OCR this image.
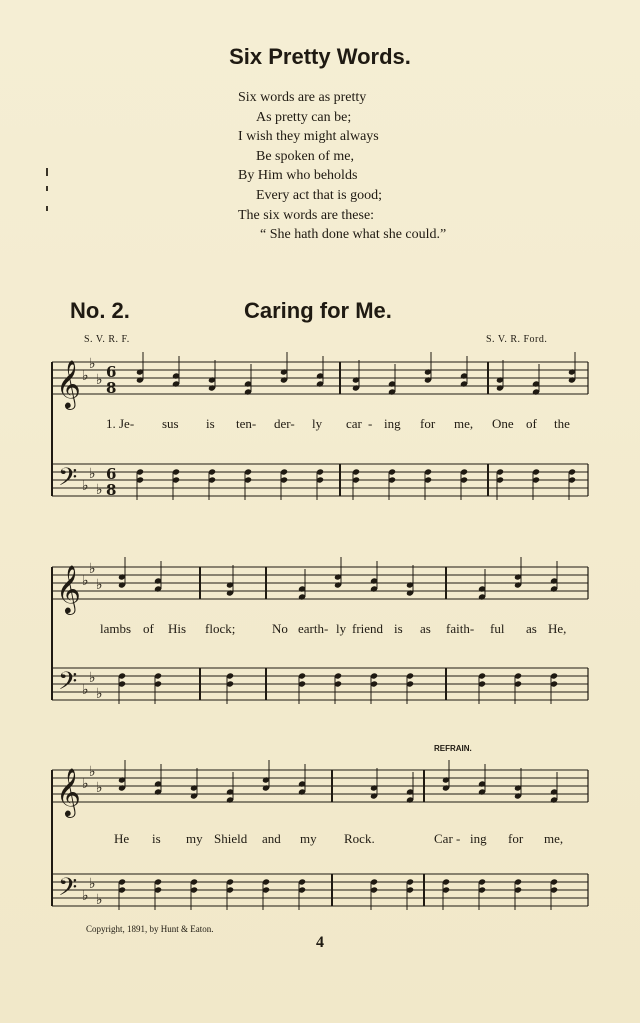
Six Pretty Words.
Six words are as pretty
As pretty can be;
I wish they might always
Be spoken of me,
By Him who beholds
Every act that is good;
The six words are these:
“ She hath done what she could.”
No. 2.	Caring for Me.
S. V. R. F.	S. V. R. Ford.
𝄞
𝄢
♭
♭
♭
♭
♭
♭
6
8
6
8
𝄞
𝄢
♭
♭
♭
♭
♭
♭
𝄞
𝄢
♭
♭
♭
♭
♭
♭
1. Je- sus is ten- der- ly car - ing for me, One of the
lambs of His flock;	No earth- ly friend is as faith- ful as He,
REFRAIN.
He is my Shield and my Rock.	Car - ing for me,
Copyright, 1891, by Hunt & Eaton.
4
